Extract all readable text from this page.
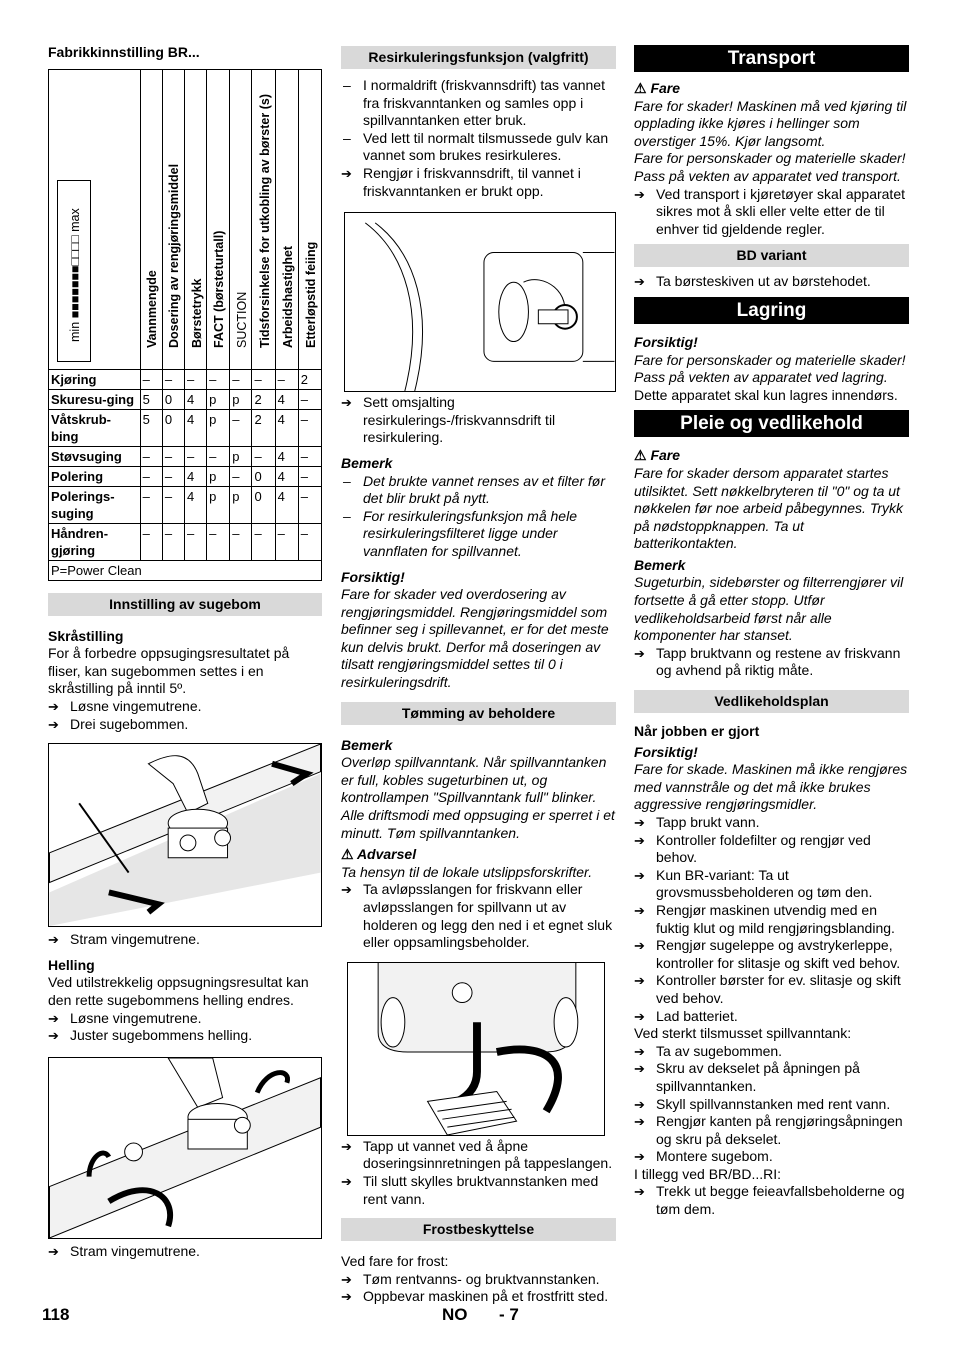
Fabrikkinnstilling BR...
min ■■■■■■■□□□□ max	Vannmengde	Dosering av rengjøringsmiddel	Børstetrykk	FACT (børsteturtall)	SUCTION	Tidsforsinkelse for utkobling av børster (s)	Arbeidshastighet	Etterløpstid feiing

Kjøring	–	–	–	–	–	–	–	2
Skuresu-ging	5	0	4	p	p	2	4	–
Våtskrub-bing	5	0	4	p	–	2	4	–
Støvsuging	–	–	–	–	p	–	4	–
Polering	–	–	4	p	–	0	4	–
Polerings-suging	–	–	4	p	p	0	4	–
Håndren-gjøring	–	–	–	–	–	–	–	–
P=Power Clean								
Innstilling av sugebom
Skråstilling

For å forbedre oppsugingsresultatet på fliser, kan sugebommen settes i en skråstilling på inntil 5º.

➔ Løsne vingemutrene.

➔ Drei sugebommen.

➔ Stram vingemutrene.

Helling

Ved utilstrekkelig oppsugningsresultat kan den rette sugebommens helling endres.

➔ Løsne vingemutrene.

➔ Juster sugebommens helling.

➔ Stram vingemutrene.

Resirkuleringsfunksjon (valgfritt)

– I normaldrift (friskvannsdrift) tas vannet fra friskvanntanken og samles opp i spillvanntanken etter bruk.

– Ved lett til normalt tilsmussede gulv kan vannet som brukes resirkuleres.

➔ Rengjør i friskvannsdrift, til vannet i friskvanntanken er brukt opp.

➔ Sett omsjalting resirkulerings-/friskvannsdrift til resirkulering.

Bemerk

– Det brukte vannet renses av et filter før det blir brukt på nytt.

– For resirkuleringsfunksjon må hele resirkuleringsfilteret ligge under vannflaten for spillvannet.

Forsiktig!

Fare for skader ved overdosering av rengjøringsmiddel. Rengjøringsmiddel som befinner seg i spillevannet, er for det meste kun delvis brukt. Derfor må doseringen av tilsatt rengjøringsmiddel settes til 0 i resirkuleringsdrift.

Tømming av beholdere

Bemerk

Overløp spillvanntank. Når spillvanntanken er full, kobles sugeturbinen ut, og kontrollampen "Spillvanntank full" blinker. Alle driftsmodi med oppsuging er sperret i et minutt. Tøm spillvanntanken.

⚠ Advarsel

Ta hensyn til de lokale utslippsforskrifter.

➔ Ta avløpsslangen for friskvann eller avløpsslangen for spillvann ut av holderen og legg den ned i et egnet sluk eller oppsamlingsbeholder.

➔ Tapp ut vannet ved å åpne doseringsinnretningen på tappeslangen.

➔ Til slutt skylles bruktvannstanken med rent vann.

Frostbeskyttelse

Ved fare for frost:

➔ Tøm rentvanns- og bruktvannstanken.

➔ Oppbevar maskinen på et frostfritt sted.

Transport

⚠ Fare

Fare for skader! Maskinen må ved kjøring til opplading ikke kjøres i hellinger som overstiger 15%. Kjør langsomt.

Fare for personskader og materielle skader! Pass på vekten av apparatet ved transport.

➔ Ved transport i kjøretøyer skal apparatet sikres mot å skli eller velte etter de til enhver tid gjeldende regler.

BD variant

➔ Ta børsteskiven ut av børstehodet.

Lagring

Forsiktig!

Fare for personskader og materielle skader! Pass på vekten av apparatet ved lagring.

Dette apparatet skal kun lagres innendørs.

Pleie og vedlikehold

⚠ Fare

Fare for skader dersom apparatet startes utilsiktet. Sett nøkkelbryteren til "0" og ta ut nøkkelen før noe arbeid påbegynnes. Trykk på nødstoppknappen. Ta ut batterikontakten.

Bemerk

Sugeturbin, sidebørster og filterrengjører vil fortsette å gå etter stopp. Utfør vedlikeholdsarbeid først når alle komponenter har stanset.

➔ Tapp bruktvann og restene av friskvann og avhend på riktig måte.

Vedlikeholdsplan
Når jobben er gjort

Forsiktig!

Fare for skade. Maskinen må ikke rengjøres med vannstråle og det må ikke brukes aggressive rengjøringsmidler.

➔ Tapp brukt vann.

➔ Kontroller foldefilter og rengjør ved behov.

➔ Kun BR-variant: Ta ut grovsmussbeholderen og tøm den.

➔ Rengjør maskinen utvendig med en fuktig klut og mild rengjøringsblanding.

➔ Rengjør sugeleppe og avstrykerleppe, kontroller for slitasje og skift ved behov.

➔ Kontroller børster for ev. slitasje og skift ved behov.

➔ Lad batteriet.

Ved sterkt tilsmusset spillvanntank:

➔ Ta av sugebommen.

➔ Skru av dekselet på åpningen på spillvanntanken.

➔ Skyll spillvannstanken med rent vann.

➔ Rengjør kanten på rengjøringsåpningen og skru på dekselet.

➔ Montere sugebom.

I tillegg ved BR/BD...RI:

➔ Trekk ut begge feieavfallsbeholderne og tøm dem.

118	NO - 7
